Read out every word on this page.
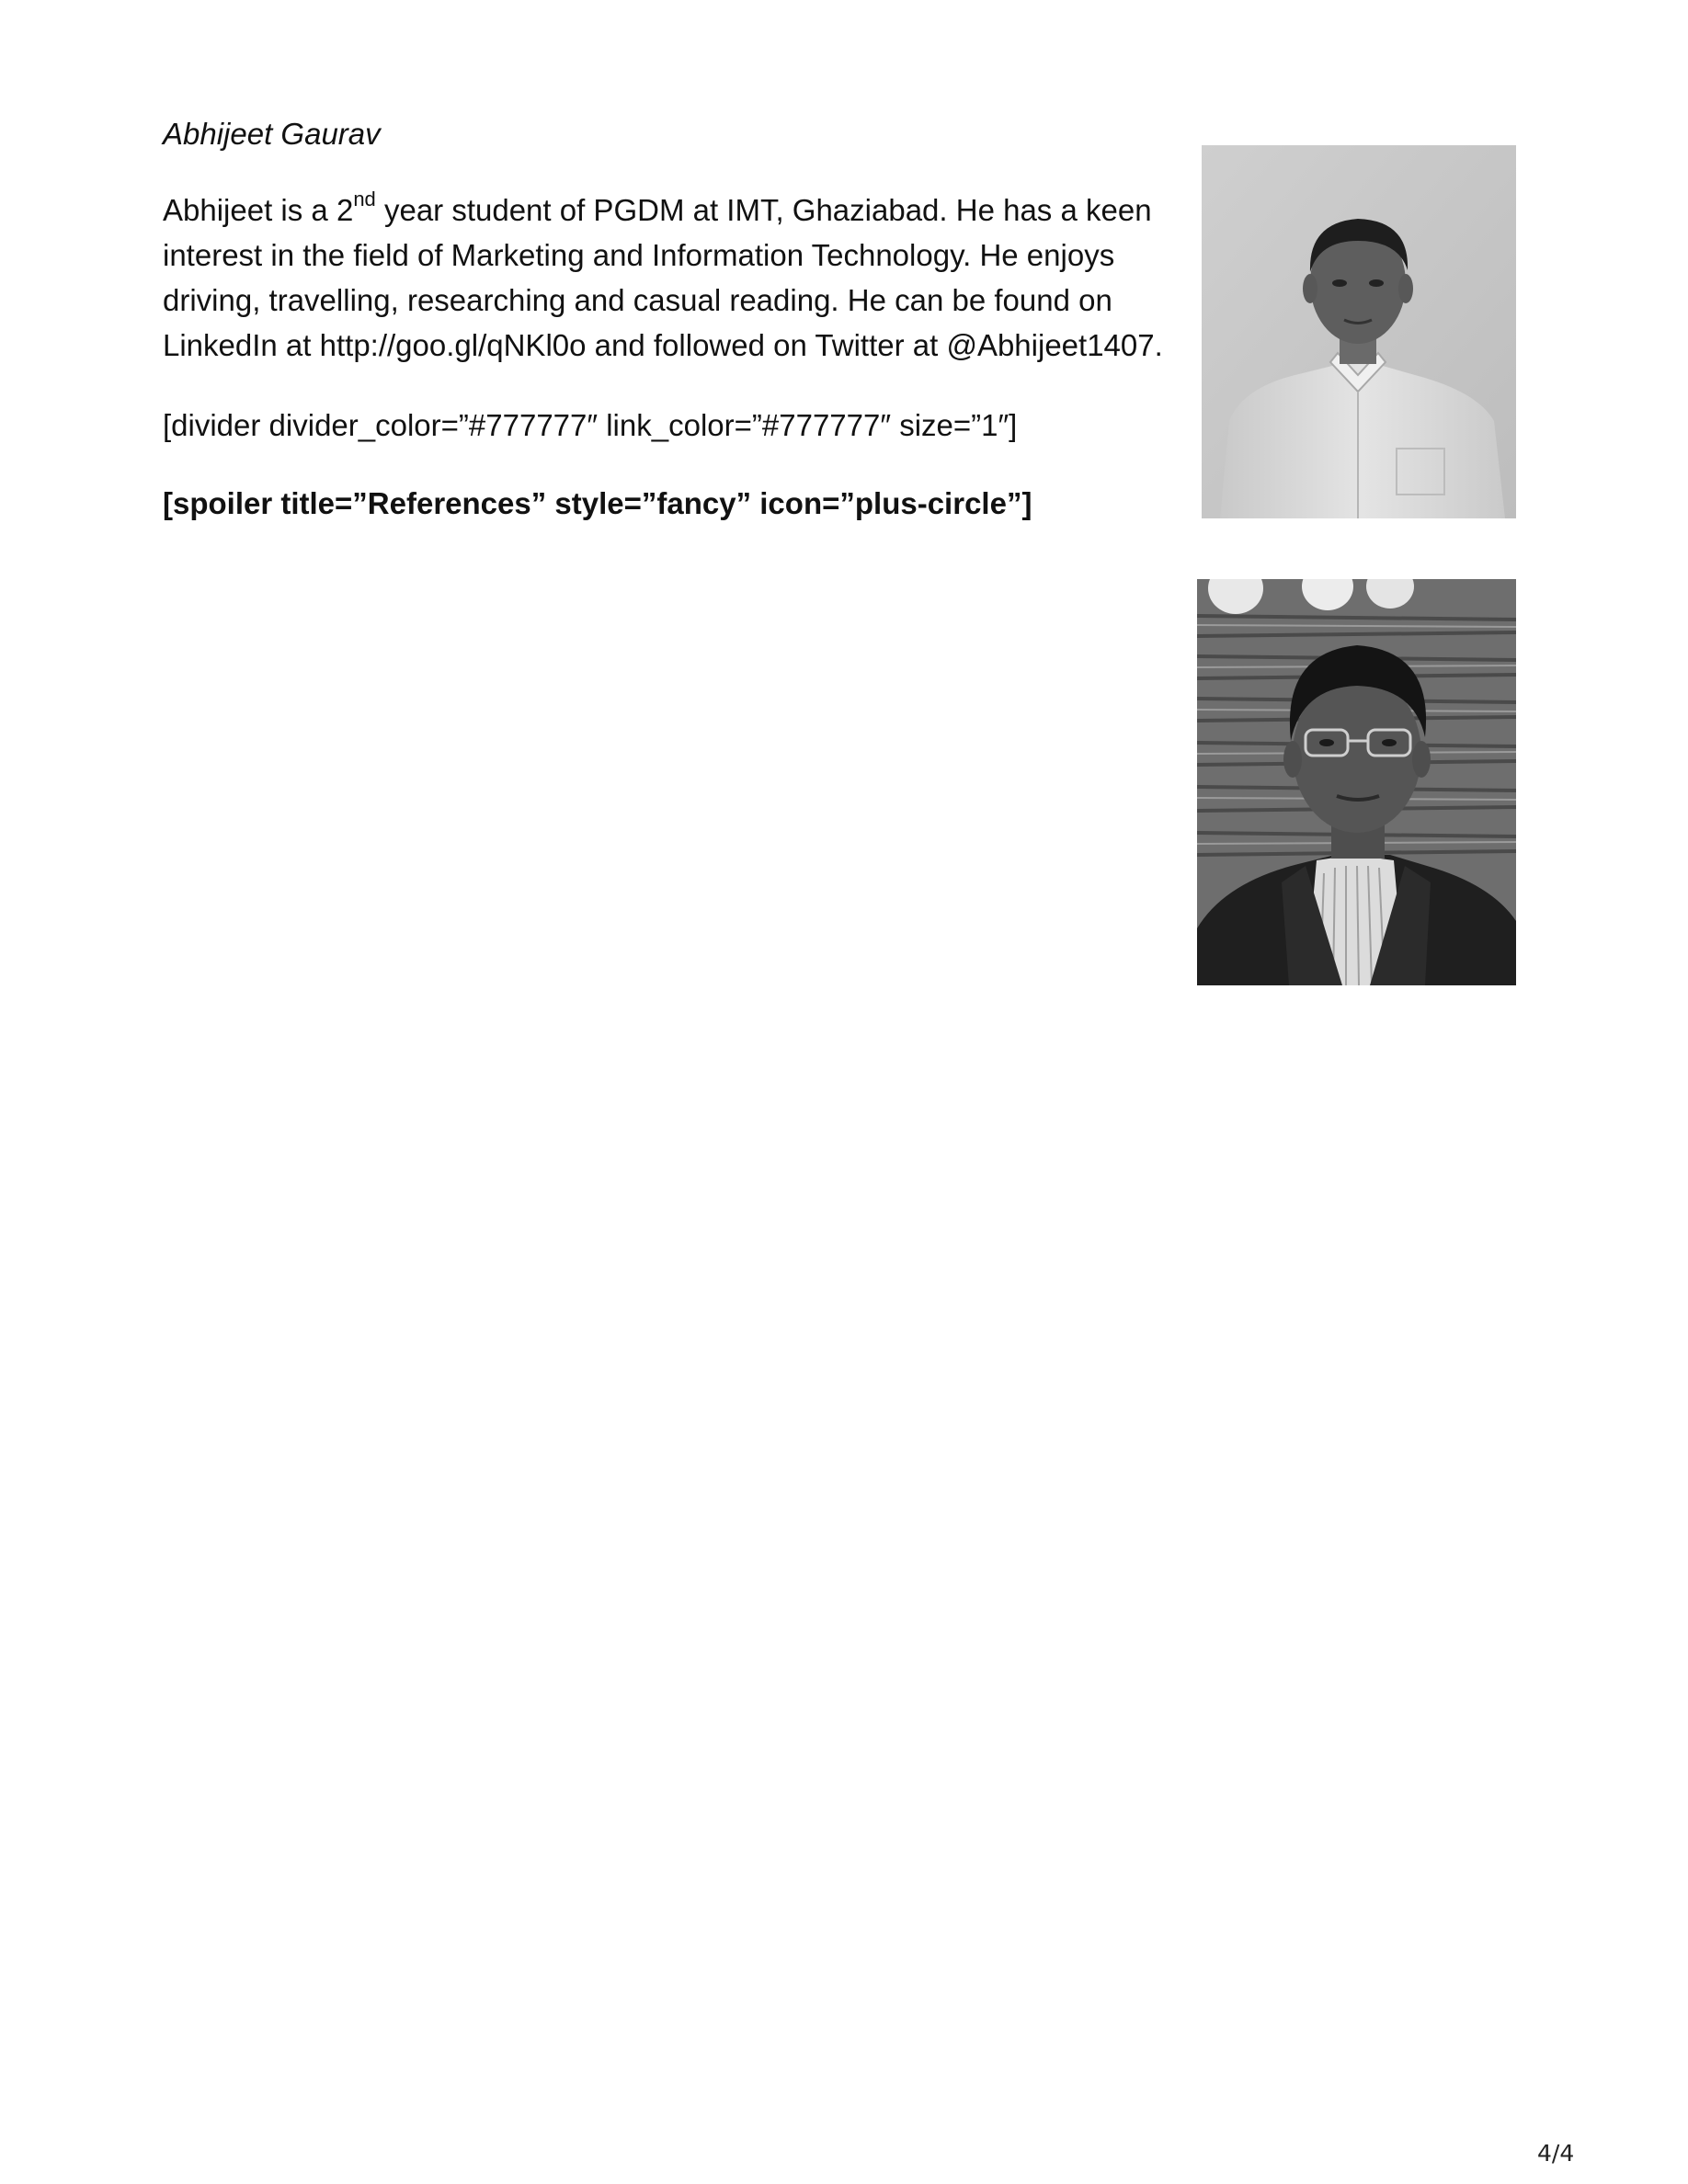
Abhijeet Gaurav

Abhijeet is a 2nd year student of PGDM at IMT, Ghaziabad. He has a keen interest in the field of Marketing and Information Technology. He enjoys driving, travelling, researching and casual reading. He can be found on LinkedIn at http://goo.gl/qNKl0o and followed on Twitter at @Abhijeet1407.

[divider divider_color=”#777777″ link_color=”#777777″ size=”1″]

[spoiler title=”References” style=”fancy” icon=”plus-circle”]

4/4
